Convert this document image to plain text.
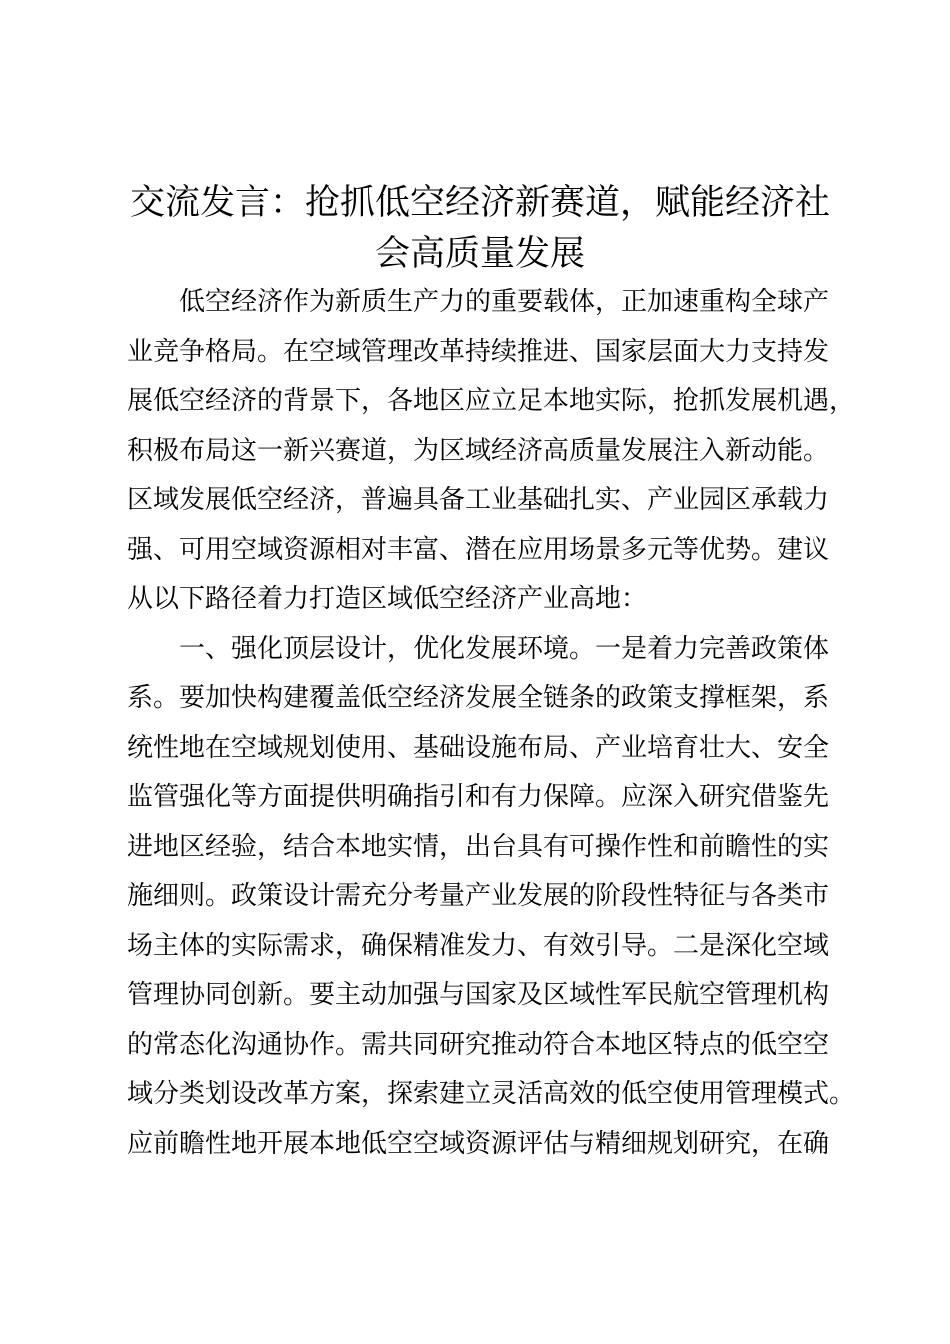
交流发言：抢抓低空经济新赛道，赋能经济社
会高质量发展
低空经济作为新质生产力的重要载体，正加速重构全球产
业竞争格局。在空域管理改革持续推进、国家层面大力支持发
展低空经济的背景下，各地区应立足本地实际，抢抓发展机遇，
积极布局这一新兴赛道，为区域经济高质量发展注入新动能。
区域发展低空经济，普遍具备工业基础扎实、产业园区承载力
强、可用空域资源相对丰富、潜在应用场景多元等优势。建议
从以下路径着力打造区域低空经济产业高地：
一、强化顶层设计，优化发展环境。一是着力完善政策体
系。要加快构建覆盖低空经济发展全链条的政策支撑框架，系
统性地在空域规划使用、基础设施布局、产业培育壮大、安全
监管强化等方面提供明确指引和有力保障。应深入研究借鉴先
进地区经验，结合本地实情，出台具有可操作性和前瞻性的实
施细则。政策设计需充分考量产业发展的阶段性特征与各类市
场主体的实际需求，确保精准发力、有效引导。二是深化空域
管理协同创新。要主动加强与国家及区域性军民航空管理机构
的常态化沟通协作。需共同研究推动符合本地区特点的低空空
域分类划设改革方案，探索建立灵活高效的低空使用管理模式。
应前瞻性地开展本地低空空域资源评估与精细规划研究，在确
